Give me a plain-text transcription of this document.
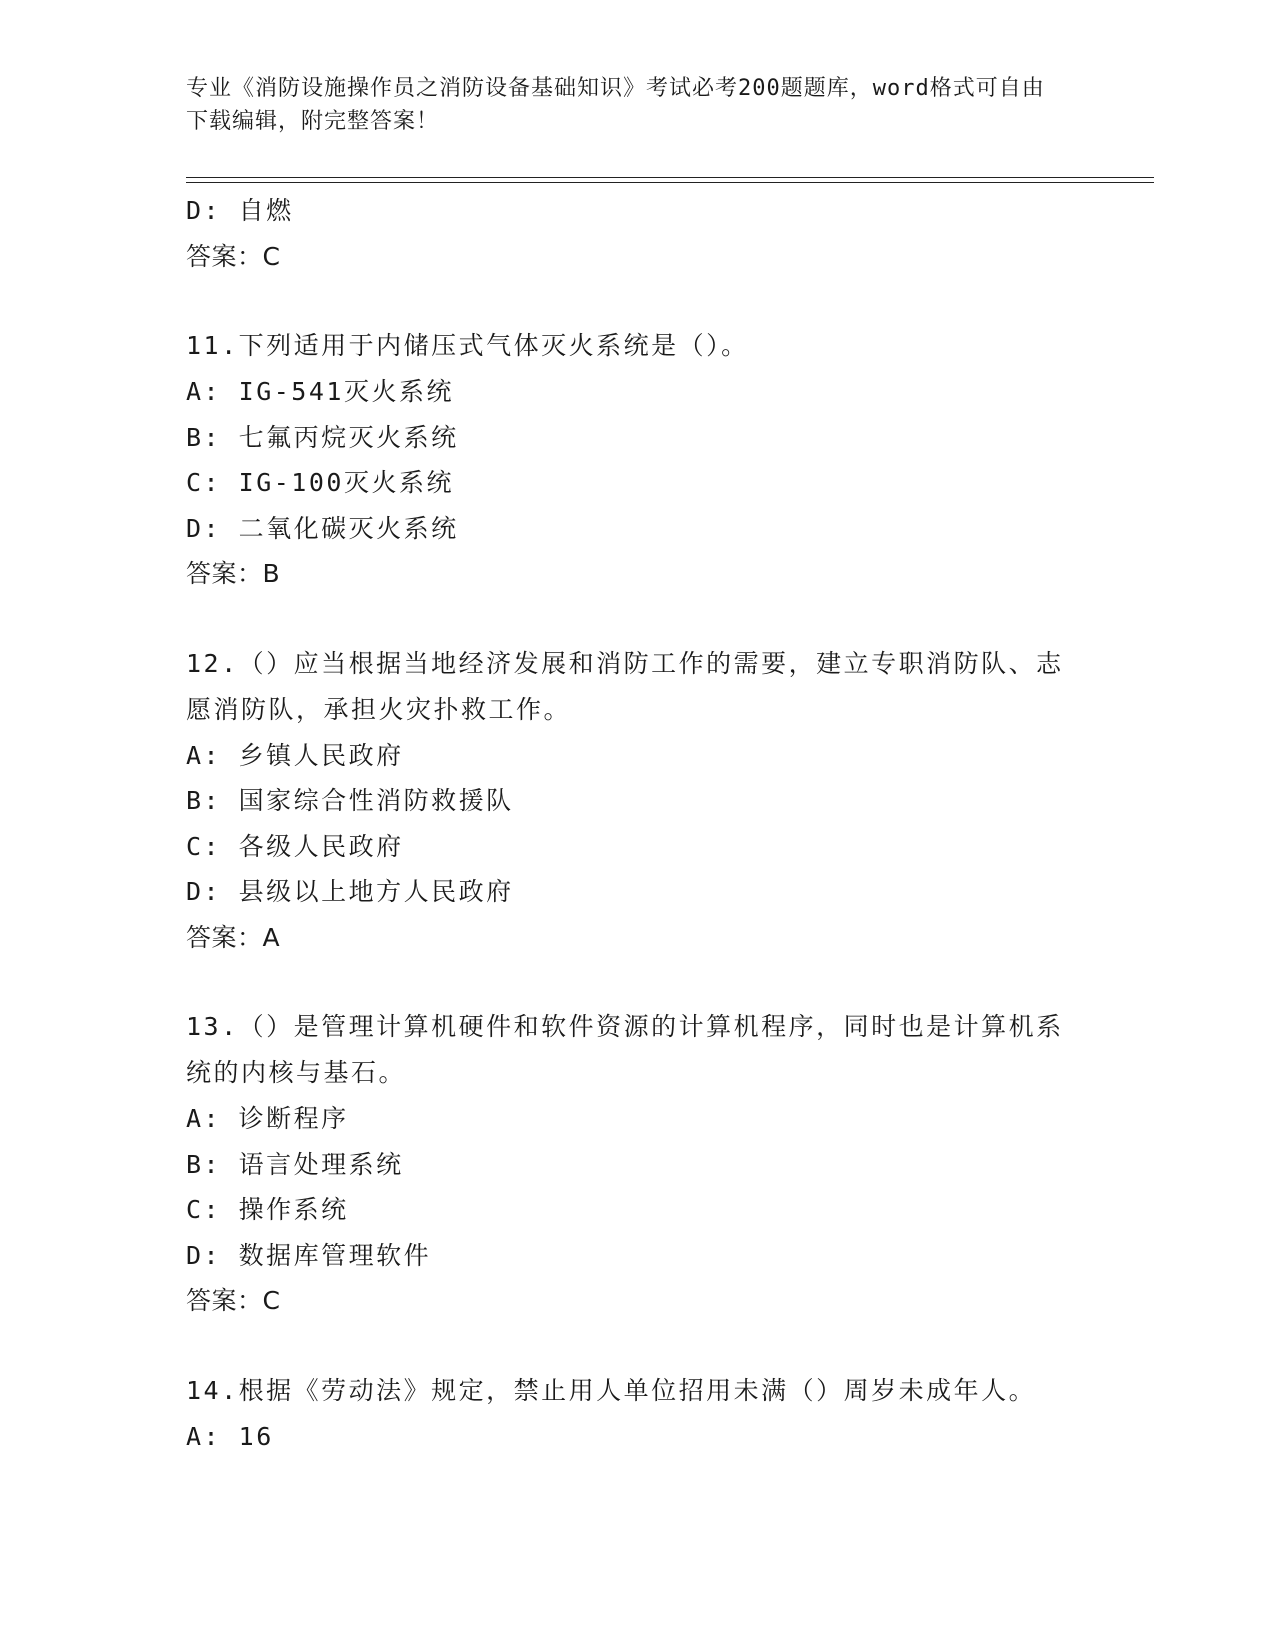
专业《消防设施操作员之消防设备基础知识》考试必考200题题库，word格式可自由下载编辑，附完整答案！
D: 自燃
答案：C
11.下列适用于内储压式气体灭火系统是（）。
A: IG-541灭火系统
B: 七氟丙烷灭火系统
C: IG-100灭火系统
D: 二氧化碳灭火系统
答案：B
12.（）应当根据当地经济发展和消防工作的需要，建立专职消防队、志愿消防队，承担火灾扑救工作。
A: 乡镇人民政府
B: 国家综合性消防救援队
C: 各级人民政府
D: 县级以上地方人民政府
答案：A
13.（）是管理计算机硬件和软件资源的计算机程序，同时也是计算机系统的内核与基石。
A: 诊断程序
B: 语言处理系统
C: 操作系统
D: 数据库管理软件
答案：C
14.根据《劳动法》规定，禁止用人单位招用未满（）周岁未成年人。
A: 16
